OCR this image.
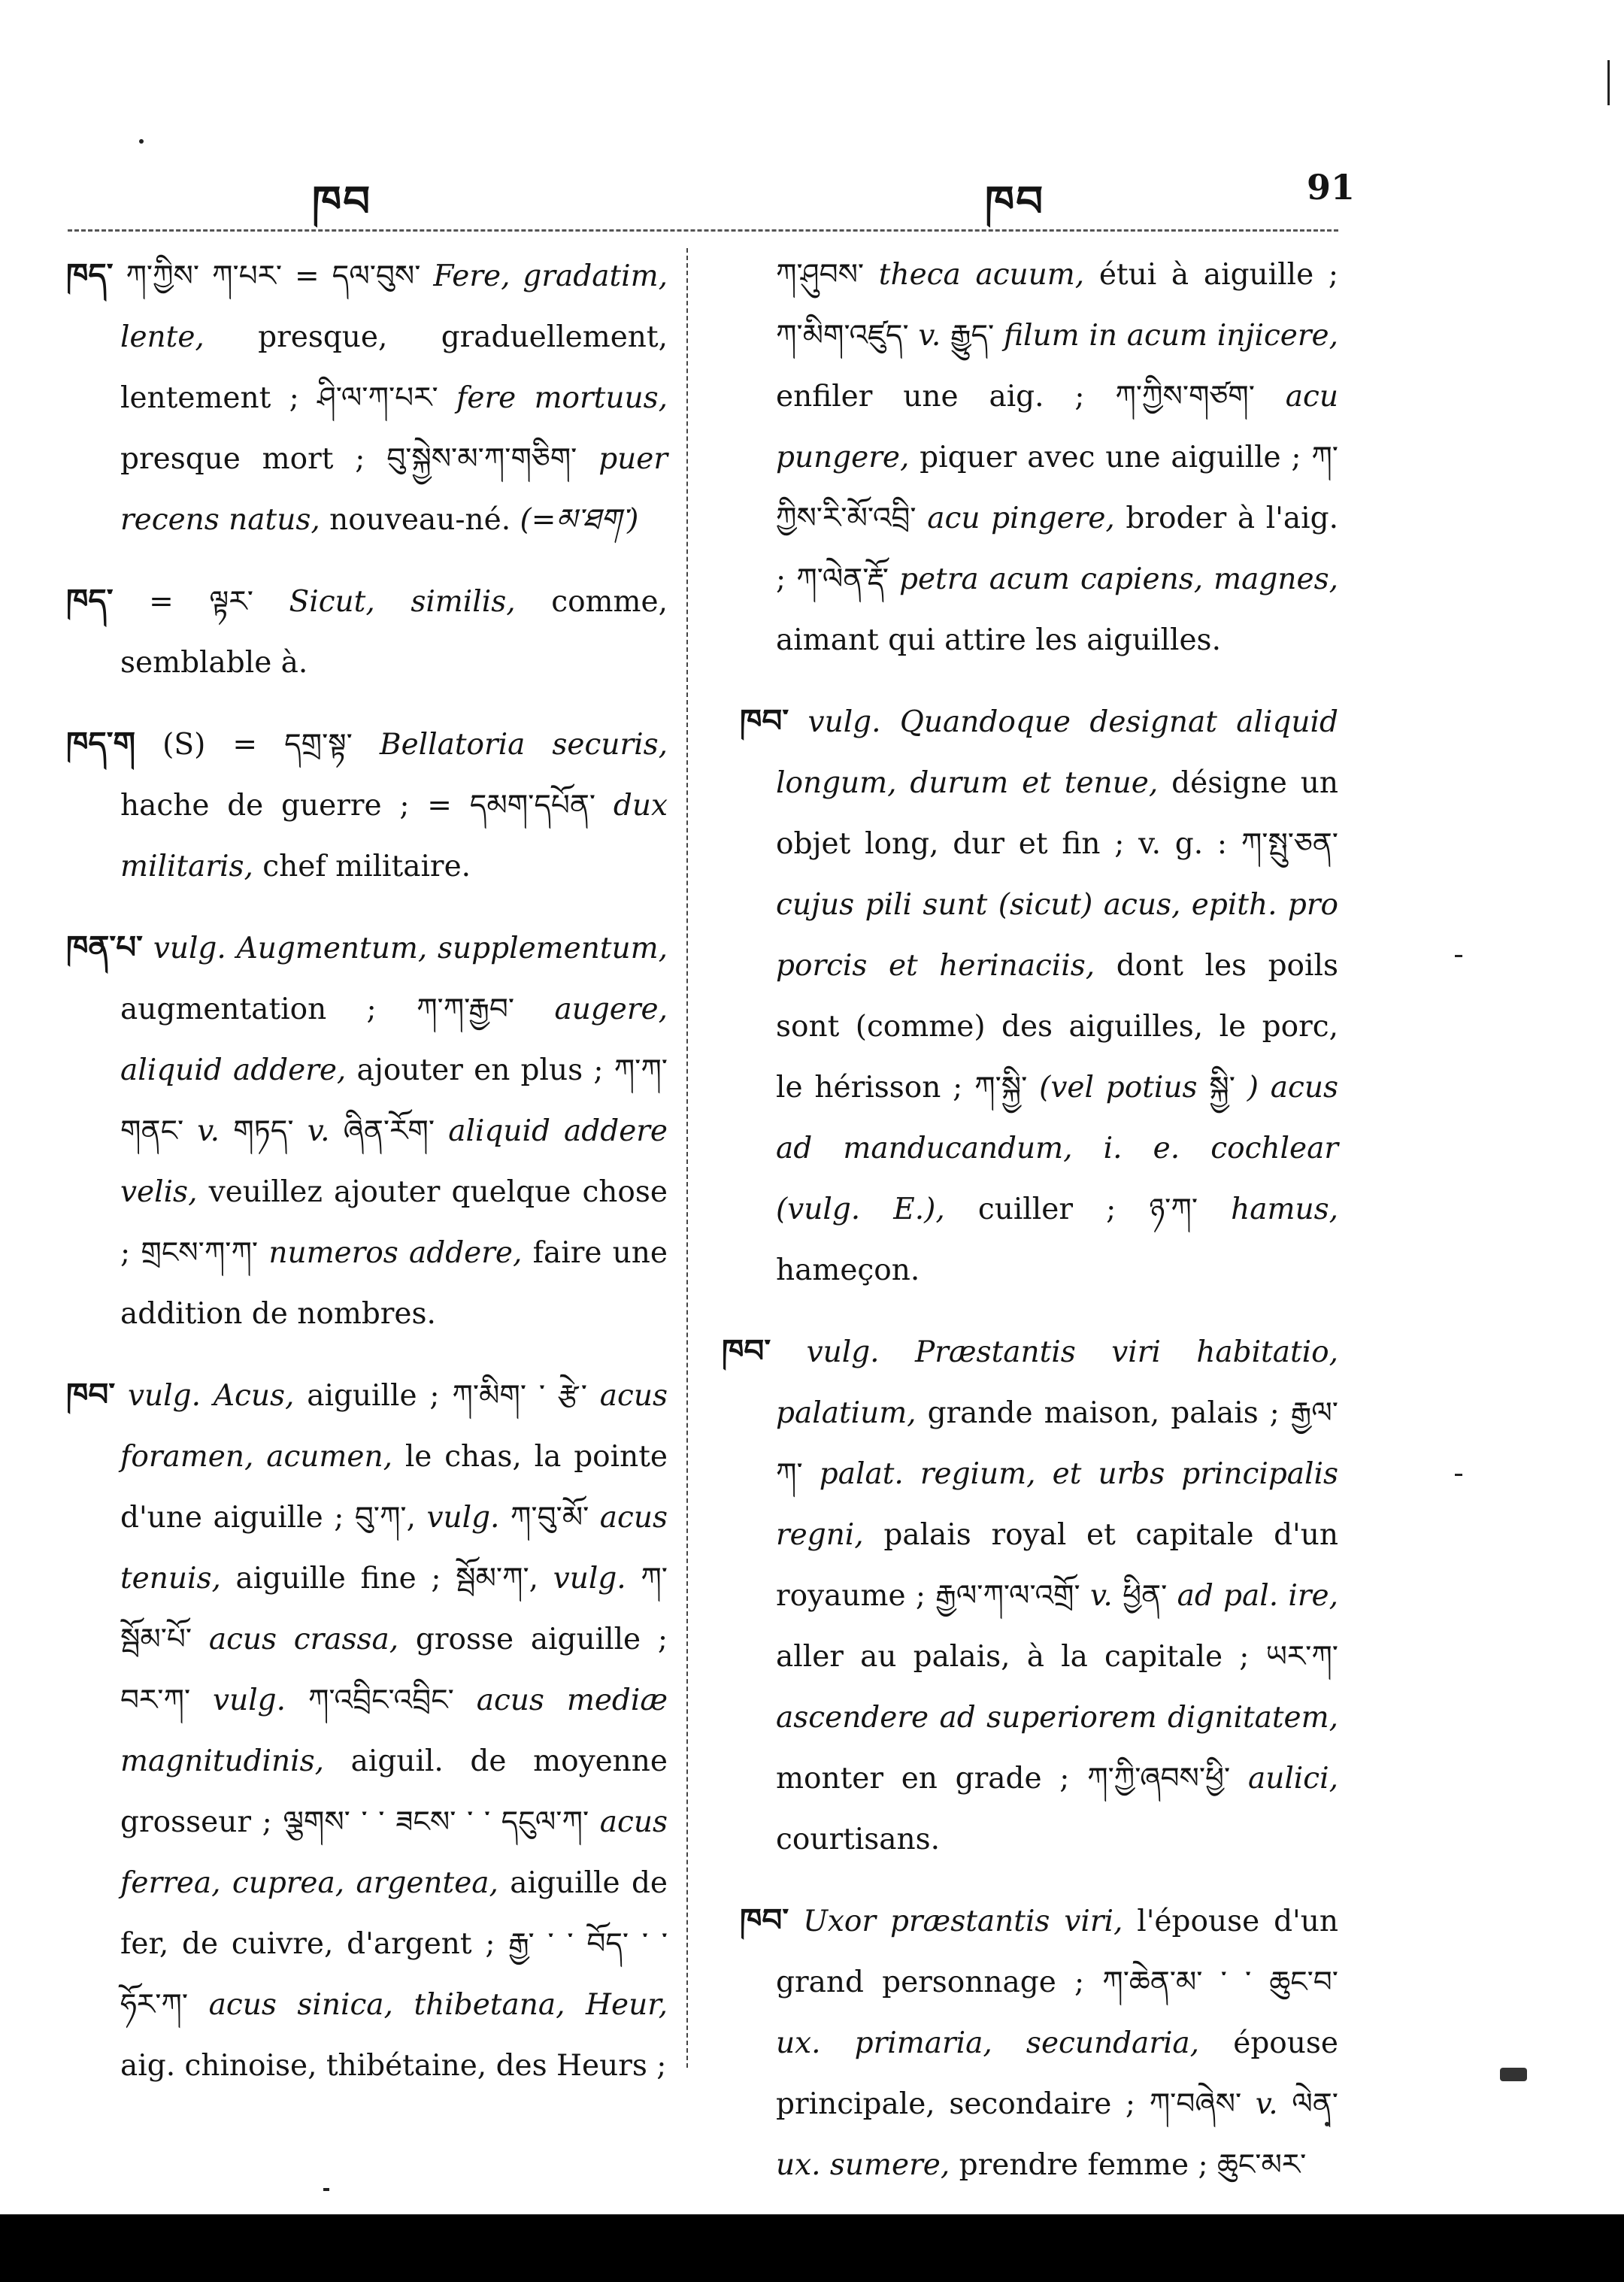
ཁབ	ཁབ	91

ཁད་ ཀ་ཀྱིས་ ཀ་པར་ = དལ་བུས་ Fere, gradatim, lente, presque, graduellement, lentement ; ཤི་ལ་ཀ་པར་ fere mortuus, presque mort ; བུ་སྐྱེས་མ་ཀ་གཅིག་ puer recens natus, nouveau-né. (=མ་ཐག་)

ཁད་ = ལྟར་ Sicut, similis, comme, semblable à.

ཁད་ག (S) = དགྲ་སྟ་ Bellatoria securis, hache de guerre ; = དམག་དཔོན་ dux militaris, chef militaire.

ཁན་པ་ vulg. Augmentum, supplementum, augmentation ; ཀ་ཀ་རྒྱབ་ augere, aliquid addere, ajouter en plus ; ཀ་ཀ་གནང་ v. གཏད་ v. ཞིན་རོག་ aliquid addere velis, veuillez ajouter quelque chose ; གྲངས་ཀ་ཀ་ numeros addere, faire une addition de nombres.

ཁབ་ vulg. Acus, aiguille ; ཀ་མིག་ ་ རྩེ་ acus foramen, acumen, le chas, la pointe d'une aiguille ; བུ་ཀ་, vulg. ཀ་བུ་མོ་ acus tenuis, aiguille fine ; སྦོམ་ཀ་, vulg. ཀ་སྦོམ་པོ་ acus crassa, grosse aiguille ; བར་ཀ་ vulg. ཀ་འབྲིང་འབྲིང་ acus mediæ magnitudinis, aiguil. de moyenne grosseur ; ལྕགས་ ་ ་ ཟངས་ ་ ་ དངུལ་ཀ་ acus ferrea, cuprea, argentea, aiguille de fer, de cuivre, d'argent ; རྒྱ་ ་ ་ བོད་ ་ ་ ཧོར་ཀ་ acus sinica, thibetana, Heur, aig. chinoise, thibétaine, des Heurs ;

ཀ་ཤུབས་ theca acuum, étui à aiguille ; ཀ་མིག་འཛུད་ v. རྒྱུད་ filum in acum injicere, enfiler une aig. ; ཀ་ཀྱིས་གཙག་ acu pungere, piquer avec une aiguille ; ཀ་ཀྱིས་རི་མོ་འབྲི་ acu pingere, broder à l'aig. ; ཀ་ལེན་རྡོ་ petra acum capiens, magnes, aimant qui attire les aiguilles.

ཁབ་ vulg. Quandoque designat aliquid longum, durum et tenue, désigne un objet long, dur et fin ; v. g. : ཀ་སྤུ་ཅན་ cujus pili sunt (sicut) acus, epith. pro porcis et herinaciis, dont les poils sont (comme) des aiguilles, le porc, le hérisson ; ཀ་སྐྱི་ (vel potius སྐྱི་ ) acus ad manducandum, i. e. cochlear (vulg. E.), cuiller ; ཉ་ཀ་ hamus, hameçon.

ཁབ་ vulg. Præstantis viri habitatio, palatium, grande maison, palais ; རྒྱལ་ཀ་ palat. regium, et urbs principalis regni, palais royal et capitale d'un royaume ; རྒྱལ་ཀ་ལ་འགྲོ་ v. ཕྱིན་ ad pal. ire, aller au palais, à la capitale ; ཡར་ཀ་ ascendere ad superiorem dignitatem, monter en grade ; ཀ་ཀྱི་ཞབས་ཕྱི་ aulici, courtisans.

ཁབ་ Uxor præstantis viri, l'épouse d'un grand personnage ; ཀ་ཆེན་མ་ ་ ་ ཆུང་བ་ ux. primaria, secundaria, épouse principale, secondaire ; ཀ་བཞེས་ v. ལེན་ ux. sumere, prendre femme ; ཆུང་མར་
